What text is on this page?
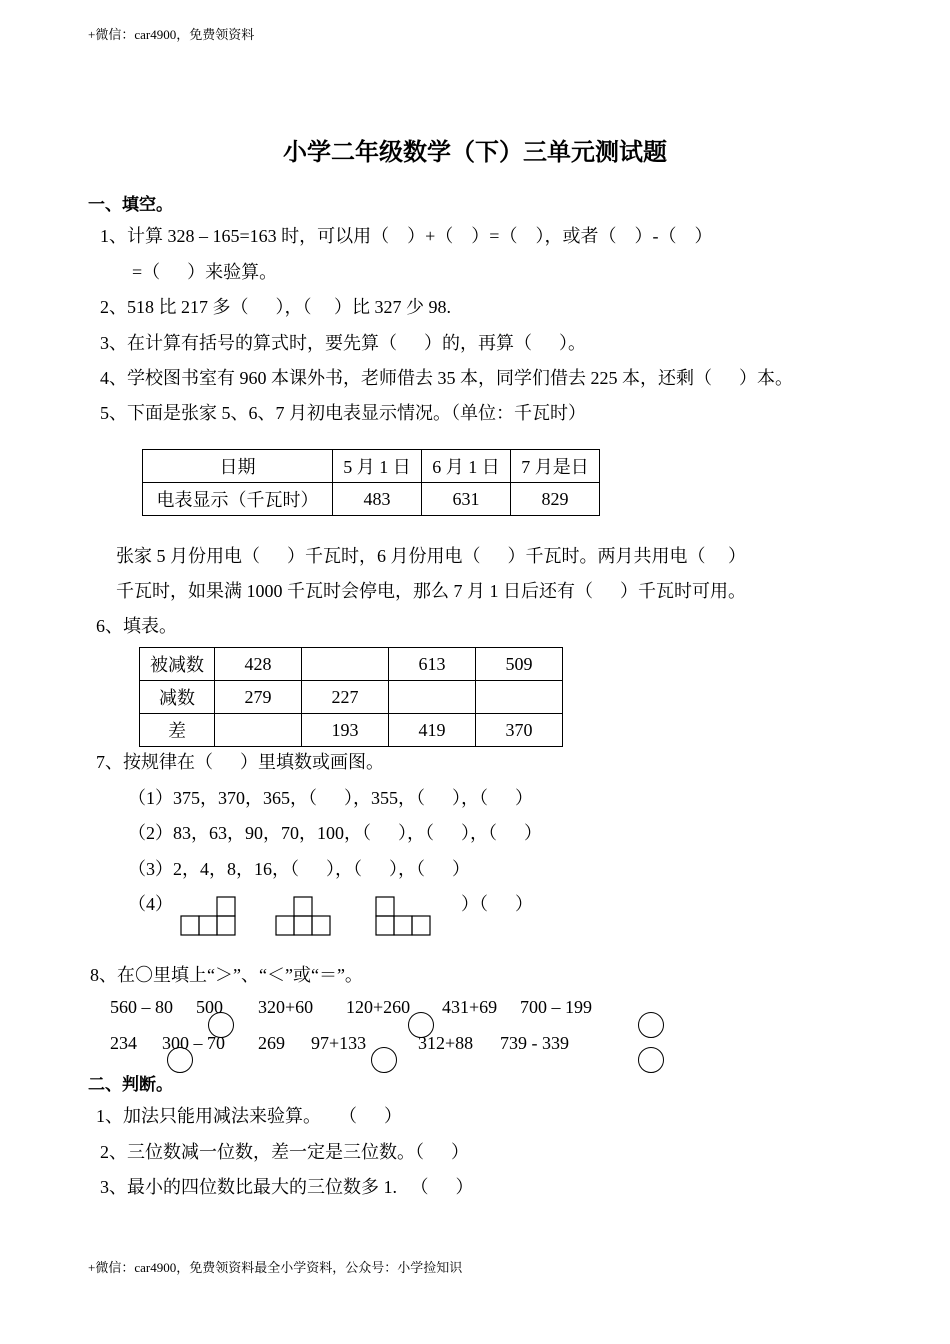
+微信：car4900，免费领资料
小学二年级数学（下）三单元测试题
一、填空。
1、计算 328 – 165=163 时，可以用（    ）+（    ）=（    ），或者（    ）-（    ）
=（      ）来验算。
2、518 比 217 多（      ），（     ）比 327 少 98.
3、在计算有括号的算式时，要先算（      ）的，再算（      ）。
4、学校图书室有 960 本课外书，老师借去 35 本，同学们借去 225 本，还剩（      ）本。
5、下面是张家 5、6、7 月初电表显示情况。（单位：千瓦时）
日期	5 月 1 日	6 月 1 日	7 月是日
电表显示（千瓦时）	483	631	829
张家 5 月份用电（      ）千瓦时，6 月份用电（      ）千瓦时。两月共用电（     ）
千瓦时，如果满 1000 千瓦时会停电，那么 7 月 1 日后还有（      ）千瓦时可用。
6、填表。
被减数	428		613	509
减数	279	227		
差		193	419	370
7、按规律在（      ）里填数或画图。
（1）375，370，365，（      ），355，（      ），（      ）
（2）83，63，90，70，100，（      ），（      ），（      ）
（3）2，4，8，16，（      ），（      ），（      ）
（4）	）（      ）
8、在〇里填上“＞”、“＜”或“＝”。
560 – 80 500 320+60 120+260 431+69 700 – 199
234 300 – 70 269 97+133	312+88 739 - 339
二、判断。
1、加法只能用减法来验算。    （      ）
2、三位数减一位数，差一定是三位数。（      ）
3、最小的四位数比最大的三位数多 1.   （      ）
+微信：car4900，免费领资料最全小学资料，公众号：小学捡知识
